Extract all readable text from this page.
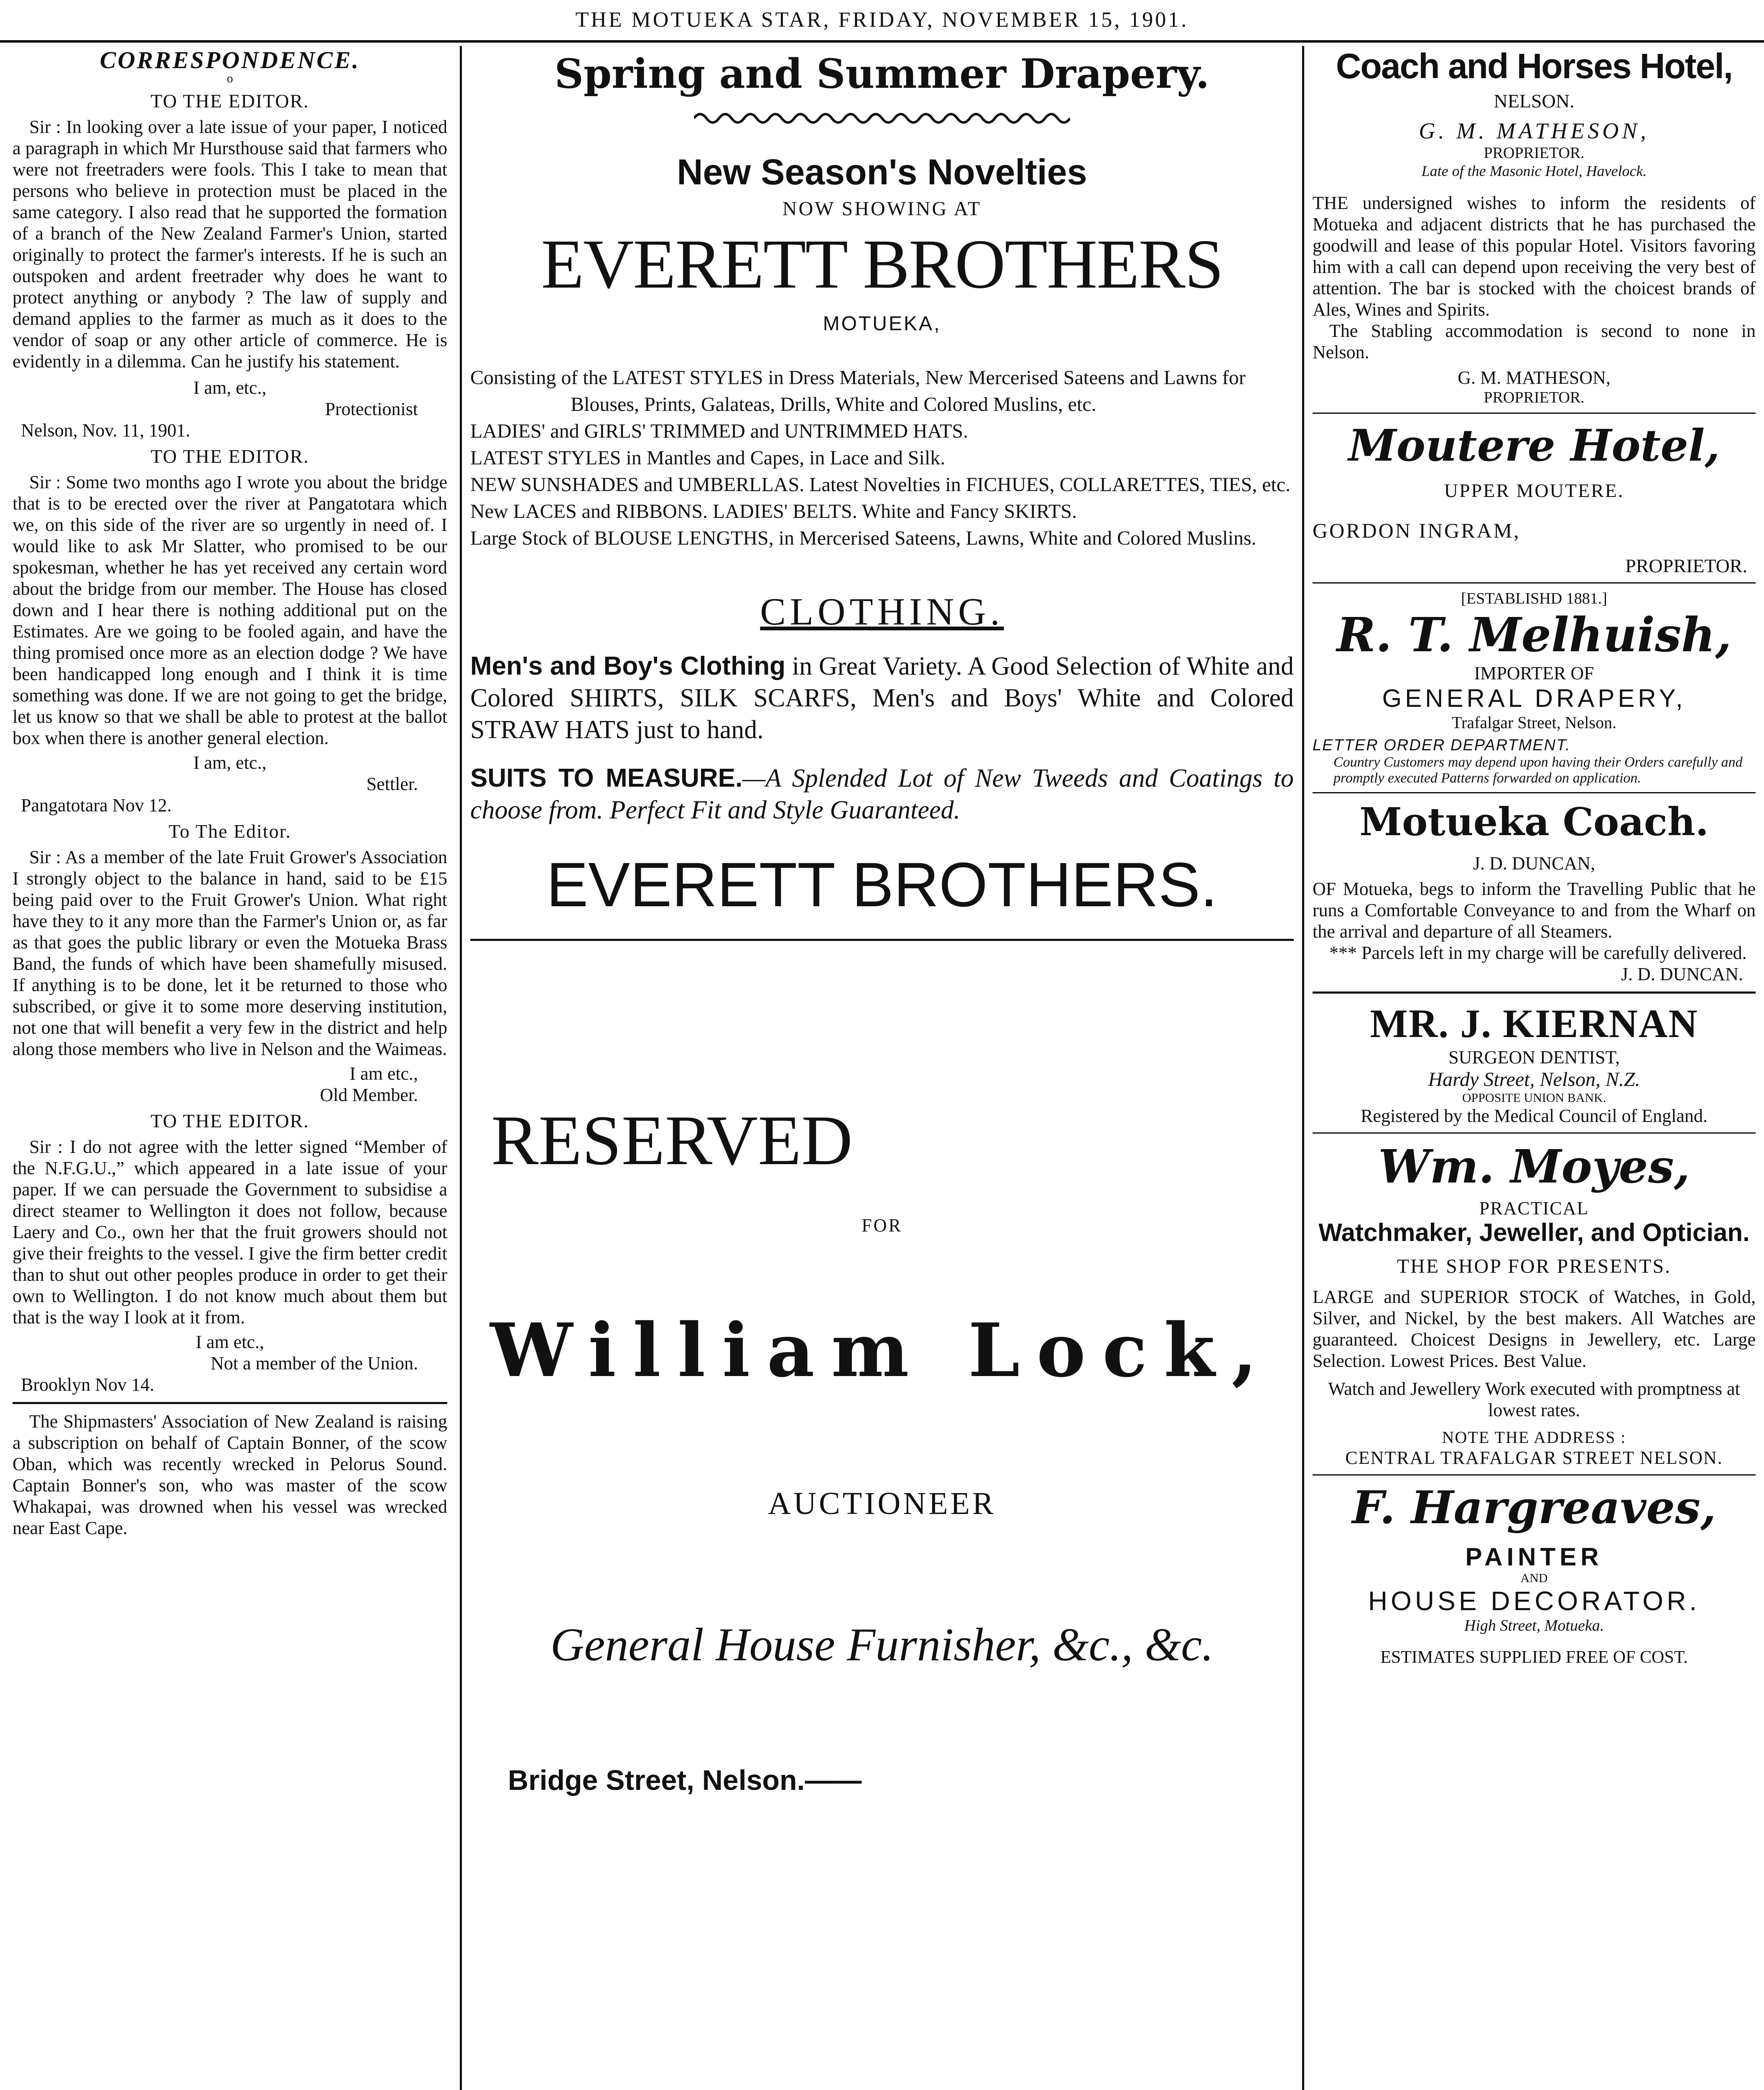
THE MOTUEKA STAR, FRIDAY, NOVEMBER 15, 1901.

CORRESPONDENCE.

o

TO THE EDITOR.

Sir : In looking over a late issue of your paper, I noticed a paragraph in which Mr Hursthouse said that farmers who were not freetraders were fools. This I take to mean that persons who believe in protection must be placed in the same category. I also read that he supported the formation of a branch of the New Zealand Farmer's Union, started originally to protect the farmer's interests. If he is such an outspoken and ardent freetrader why does he want to protect anything or anybody ? The law of supply and demand applies to the farmer as much as it does to the vendor of soap or any other article of commerce. He is evidently in a dilemma. Can he justify his statement.

I am, etc.,

Protectionist

Nelson, Nov. 11, 1901.

TO THE EDITOR.

Sir : Some two months ago I wrote you about the bridge that is to be erected over the river at Pangatotara which we, on this side of the river are so urgently in need of. I would like to ask Mr Slatter, who promised to be our spokesman, whether he has yet received any certain word about the bridge from our member. The House has closed down and I hear there is nothing additional put on the Estimates. Are we going to be fooled again, and have the thing promised once more as an election dodge ? We have been handicapped long enough and I think it is time something was done. If we are not going to get the bridge, let us know so that we shall be able to protest at the ballot box when there is another general election.

I am, etc.,

Settler.

Pangatotara Nov 12.

To The Editor.

Sir : As a member of the late Fruit Grower's Association I strongly object to the balance in hand, said to be £15 being paid over to the Fruit Grower's Union. What right have they to it any more than the Farmer's Union or, as far as that goes the public library or even the Motueka Brass Band, the funds of which have been shamefully misused. If anything is to be done, let it be returned to those who subscribed, or give it to some more deserving institution, not one that will benefit a very few in the district and help along those members who live in Nelson and the Waimeas.

I am etc.,

Old Member.

TO THE EDITOR.

Sir : I do not agree with the letter signed “Member of the N.F.G.U.,” which appeared in a late issue of your paper. If we can persuade the Government to subsidise a direct steamer to Wellington it does not follow, because Laery and Co., own her that the fruit growers should not give their freights to the vessel. I give the firm better credit than to shut out other peoples produce in order to get their own to Wellington. I do not know much about them but that is the way I look at it from.

I am etc.,

Not a member of the Union.

Brooklyn Nov 14.

The Shipmasters' Association of New Zealand is raising a subscription on behalf of Captain Bonner, of the scow Oban, which was recently wrecked in Pelorus Sound. Captain Bonner's son, who was master of the scow Whakapai, was drowned when his vessel was wrecked near East Cape.

Spring and Summer Drapery.

New Season's Novelties

NOW SHOWING AT

EVERETT BROTHERS

MOTUEKA,

Consisting of the LATEST STYLES in Dress Materials, New Mercerised Sateens and Lawns for Blouses, Prints, Galateas, Drills, White and Colored Muslins, etc.

LADIES' and GIRLS' TRIMMED and UNTRIMMED HATS.

LATEST STYLES in Mantles and Capes, in Lace and Silk.

NEW SUNSHADES and UMBERLLAS. Latest Novelties in FICHUES, COLLARETTES, TIES, etc.

New LACES and RIBBONS. LADIES' BELTS. White and Fancy SKIRTS.

Large Stock of BLOUSE LENGTHS, in Mercerised Sateens, Lawns, White and Colored Muslins.

CLOTHING.

Men's and Boy's Clothing in Great Variety. A Good Selection of White and Colored SHIRTS, SILK SCARFS, Men's and Boys' White and Colored STRAW HATS just to hand.

SUITS TO MEASURE.—A Splended Lot of New Tweeds and Coatings to choose from. Perfect Fit and Style Guaranteed.

EVERETT BROTHERS.

RESERVED

FOR

William Lock,

AUCTIONEER

General House Furnisher, &c., &c.

Bridge Street, Nelson.——

Coach and Horses Hotel,

NELSON.

G. M. MATHESON,

PROPRIETOR.

Late of the Masonic Hotel, Havelock.

THE undersigned wishes to inform the residents of Motueka and adjacent districts that he has purchased the goodwill and lease of this popular Hotel. Visitors favoring him with a call can depend upon receiving the very best of attention. The bar is stocked with the choicest brands of Ales, Wines and Spirits.

The Stabling accommodation is second to none in Nelson.

G. M. MATHESON,

PROPRIETOR.

Moutere Hotel,

UPPER MOUTERE.

GORDON INGRAM,

PROPRIETOR.

[ESTABLISHD 1881.]

R. T. Melhuish,

IMPORTER OF

GENERAL DRAPERY,

Trafalgar Street, Nelson.

LETTER ORDER DEPARTMENT.

Country Customers may depend upon having their Orders carefully and promptly executed Patterns forwarded on application.

Motueka Coach.

J. D. DUNCAN,

OF Motueka, begs to inform the Travelling Public that he runs a Comfortable Conveyance to and from the Wharf on the arrival and departure of all Steamers.

*** Parcels left in my charge will be carefully delivered.

J. D. DUNCAN.

MR. J. KIERNAN

SURGEON DENTIST,

Hardy Street, Nelson, N.Z.

OPPOSITE UNION BANK.

Registered by the Medical Council of England.

Wm. Moyes,

PRACTICAL

Watchmaker, Jeweller, and Optician.

THE SHOP FOR PRESENTS.

LARGE and SUPERIOR STOCK of Watches, in Gold, Silver, and Nickel, by the best makers. All Watches are guaranteed. Choicest Designs in Jewellery, etc. Large Selection. Lowest Prices. Best Value.

Watch and Jewellery Work executed with promptness at lowest rates.

NOTE THE ADDRESS :

CENTRAL TRAFALGAR STREET NELSON.

F. Hargreaves,

PAINTER

AND

HOUSE DECORATOR.

High Street, Motueka.

ESTIMATES SUPPLIED FREE OF COST.
